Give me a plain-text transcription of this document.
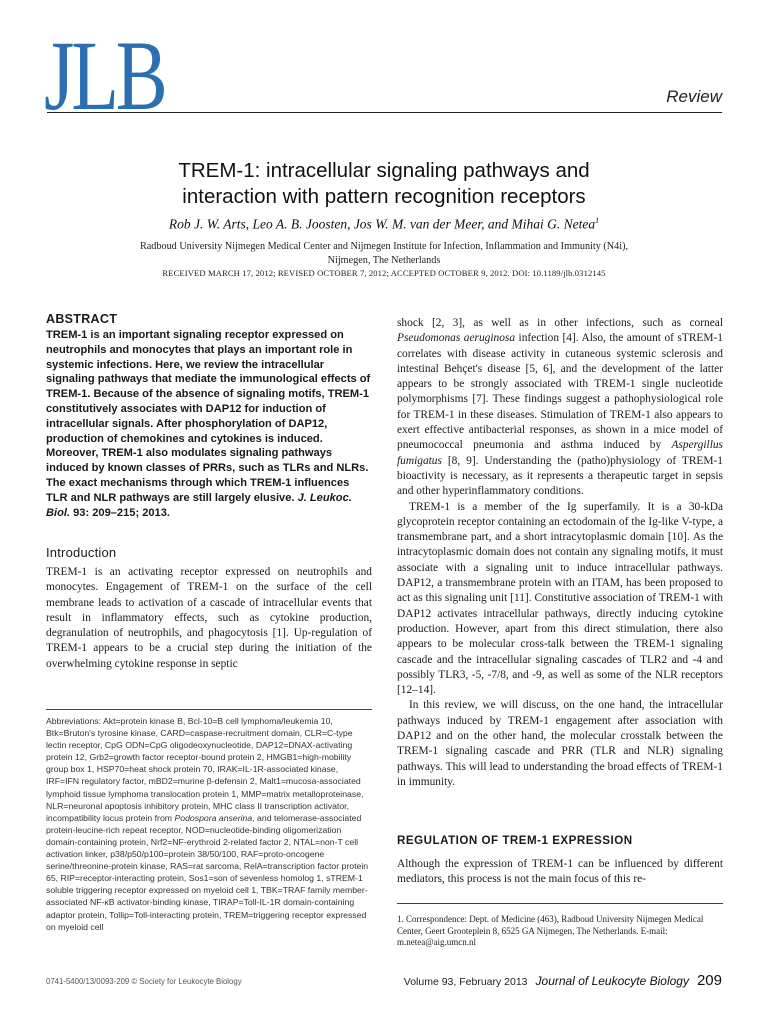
JLB	Review
TREM-1: intracellular signaling pathways and
interaction with pattern recognition receptors
Rob J. W. Arts, Leo A. B. Joosten, Jos W. M. van der Meer, and Mihai G. Netea$^1$
Radboud University Nijmegen Medical Center and Nijmegen Institute for Infection, Inflammation and Immunity (N4i),
Nijmegen, The Netherlands
RECEIVED MARCH 17, 2012; REVISED OCTOBER 7, 2012; ACCEPTED OCTOBER 9, 2012. DOI: 10.1189/jlb.0312145
ABSTRACT
TREM-1 is an important signaling receptor expressed on neutrophils and monocytes that plays an important role in systemic infections. Here, we review the intracellular signaling pathways that mediate the immunological effects of TREM-1. Because of the absence of signaling motifs, TREM-1 constitutively associates with DAP12 for induction of intracellular signals. After phosphorylation of DAP12, production of chemokines and cytokines is induced. Moreover, TREM-1 also modulates signaling pathways induced by known classes of PRRs, such as TLRs and NLRs. The exact mechanisms through which TREM-1 influences TLR and NLR pathways are still largely elusive. J. Leukoc. Biol. 93: 209–215; 2013.
Introduction
TREM-1 is an activating receptor expressed on neutrophils and monocytes. Engagement of TREM-1 on the surface of the cell membrane leads to activation of a cascade of intracellular events that result in inflammatory effects, such as cytokine production, degranulation of neutrophils, and phagocytosis [1]. Up-regulation of TREM-1 appears to be a crucial step during the initiation of the overwhelming cytokine response in septic
Abbreviations: Akt=protein kinase B, Bcl-10=B cell lymphoma/leukemia 10, Btk=Bruton's tyrosine kinase, CARD=caspase-recruitment domain, CLR=C-type lectin receptor, CpG ODN=CpG oligodeoxynucleotide, DAP12=DNAX-activating protein 12, Grb2=growth factor receptor-bound protein 2, HMGB1=high-mobility group box 1, HSP70=heat shock protein 70, IRAK=IL-1R-associated kinase, IRF=IFN regulatory factor, mBD2=murine β-defensin 2, Malt1=mucosa-associated lymphoid tissue lymphoma translocation protein 1, MMP=matrix metalloproteinase, NLR=neuronal apoptosis inhibitory protein, MHC class II transcription activator, incompatibility locus protein from Podospora anserina, and telomerase-associated protein-leucine-rich repeat receptor, NOD=nucleotide-binding oligomerization domain-containing protein, Nrf2=NF-erythroid 2-related factor 2, NTAL=non-T cell activation linker, p38/p50/p100=protein 38/50/100, RAF=proto-oncogene serine/threonine-protein kinase, RAS=rat sarcoma, RelA=transcription factor protein 65, RIP=receptor-interacting protein, Sos1=son of sevenless homolog 1, sTREM-1 soluble triggering receptor expressed on myeloid cell 1, TBK=TRAF family member-associated NF-κB activator-binding kinase, TIRAP=Toll-IL-1R domain-containing adaptor protein, Tollip=Toll-interacting protein, TREM=triggering receptor expressed on myeloid cell

shock [2, 3], as well as in other infections, such as corneal Pseudomonas aeruginosa infection [4]. Also, the amount of sTREM-1 correlates with disease activity in cutaneous systemic sclerosis and intestinal Behçet's disease [5, 6], and the development of the latter appears to be strongly associated with TREM-1 single nucleotide polymorphisms [7]. These findings suggest a pathophysiological role for TREM-1 in these diseases. Stimulation of TREM-1 also appears to exert effective antibacterial responses, as shown in a mice model of pneumococcal pneumonia and asthma induced by Aspergillus fumigatus [8, 9]. Understanding the (patho)physiology of TREM-1 bioactivity is necessary, as it represents a therapeutic target in sepsis and other hyperinflammatory conditions.

TREM-1 is a member of the Ig superfamily. It is a 30-kDa glycoprotein receptor containing an ectodomain of the Ig-like V-type, a transmembrane part, and a short intracytoplasmic domain [10]. As the intracytoplasmic domain does not contain any signaling motifs, it must associate with a signaling unit to induce intracellular pathways. DAP12, a transmembrane protein with an ITAM, has been proposed to act as this signaling unit [11]. Constitutive association of TREM-1 with DAP12 activates intracellular pathways, directly inducing cytokine production. However, apart from this direct stimulation, there also appears to be molecular cross-talk between the TREM-1 signaling cascade and the intracellular signaling cascades of TLR2 and -4 and possibly TLR3, -5, -7/8, and -9, as well as some of the NLR receptors [12–14].

In this review, we will discuss, on the one hand, the intracellular pathways induced by TREM-1 engagement after association with DAP12 and on the other hand, the molecular crosstalk between the TREM-1 signaling cascade and PRR (TLR and NLR) signaling pathways. This will lead to understanding the broad effects of TREM-1 in immunity.

REGULATION OF TREM-1 EXPRESSION
Although the expression of TREM-1 can be influenced by different mediators, this process is not the main focus of this re-
1. Correspondence: Dept. of Medicine (463), Radboud University Nijmegen Medical Center, Geert Grooteplein 8, 6525 GA Nijmegen, The Netherlands. E-mail: m.netea@aig.umcn.nl
0741-5400/13/0093-209 © Society for Leukocyte Biology	Volume 93, February 2013 Journal of Leukocyte Biology 209
